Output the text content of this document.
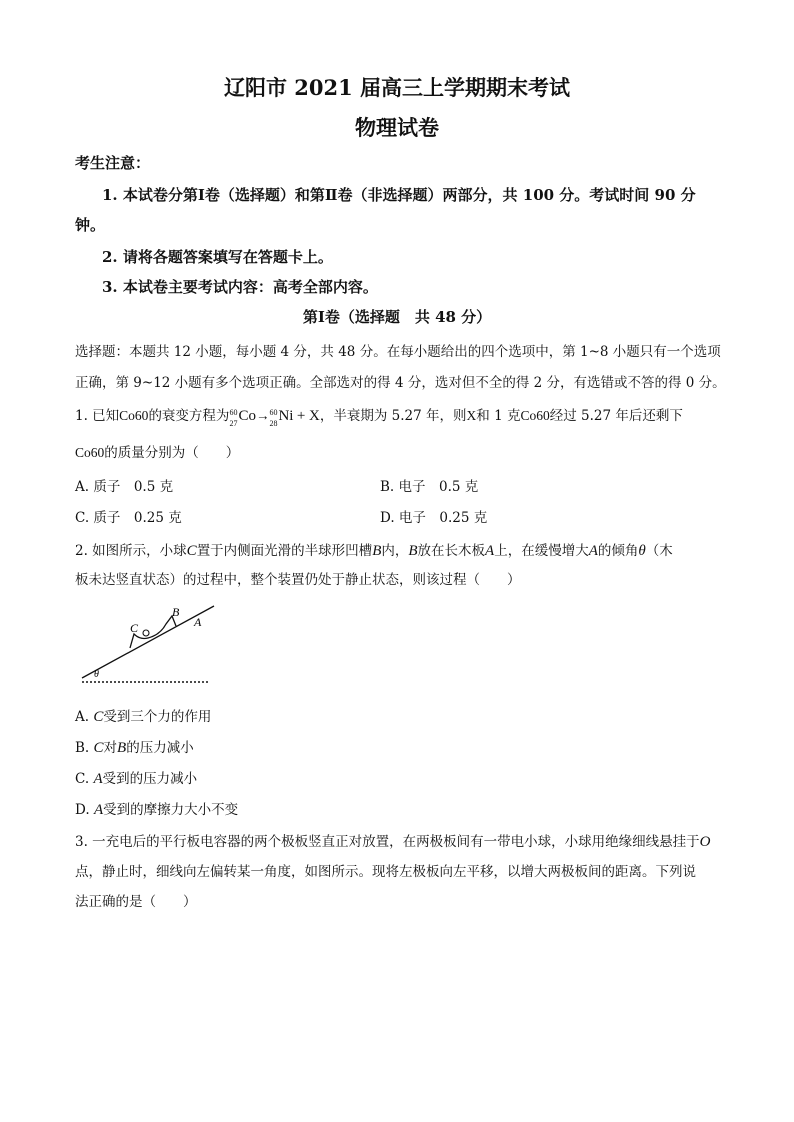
辽阳市 2021 届高三上学期期末考试
物理试卷
考生注意：
1. 本试卷分第Ⅰ卷（选择题）和第Ⅱ卷（非选择题）两部分，共 100 分。考试时间 90 分
钟。
2. 请将各题答案填写在答题卡上。
3. 本试卷主要考试内容：高考全部内容。
第Ⅰ卷（选择题　共 48 分）
选择题：本题共 12 小题，每小题 4 分，共 48 分。在每小题给出的四个选项中，第 1~8 小题只有一个选项
正确，第 9~12 小题有多个选项正确。全部选对的得 4 分，选对但不全的得 2 分，有选错或不答的得 0 分。
1. 已知Co60的衰变方程为60
27Co→60
28Ni + X，半衰期为 5.27 年，则X和 1 克Co60经过 5.27 年后还剩下
Co60的质量分别为（　　）
A. 质子　0.5 克	B. 电子　0.5 克
C. 质子　0.25 克	D. 电子　0.25 克
2. 如图所示，小球C置于内侧面光滑的半球形凹槽B内，B放在长木板A上，在缓慢增大A的倾角θ（木
板未达竖直状态）的过程中，整个装置仍处于静止状态，则该过程（　　）
C
B
A
θ
A. C受到三个力的作用
B. C对B的压力减小
C. A受到的压力减小
D. A受到的摩擦力大小不变
3. 一充电后的平行板电容器的两个极板竖直正对放置，在两极板间有一带电小球，小球用绝缘细线悬挂于O
点，静止时，细线向左偏转某一角度，如图所示。现将左极板向左平移，以增大两极板间的距离。下列说
法正确的是（　　）
